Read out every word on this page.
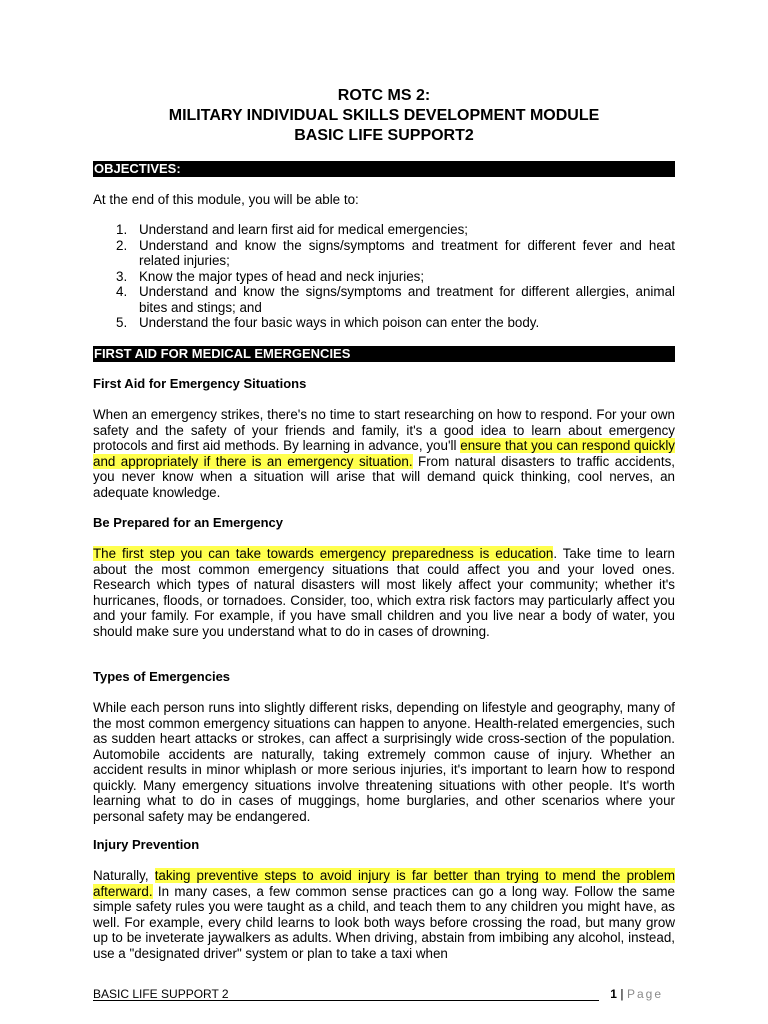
ROTC MS 2:
MILITARY INDIVIDUAL SKILLS DEVELOPMENT MODULE
BASIC LIFE SUPPORT2
OBJECTIVES:
At the end of this module, you will be able to:
1. Understand and learn first aid for medical emergencies;
2. Understand and know the signs/symptoms and treatment for different fever and heat related injuries;
3. Know the major types of head and neck injuries;
4. Understand and know the signs/symptoms and treatment for different allergies, animal bites and stings; and
5. Understand the four basic ways in which poison can enter the body.
FIRST AID FOR MEDICAL EMERGENCIES
First Aid for Emergency Situations
When an emergency strikes, there's no time to start researching on how to respond. For your own safety and the safety of your friends and family, it's a good idea to learn about emergency protocols and first aid methods. By learning in advance, you'll ensure that you can respond quickly and appropriately if there is an emergency situation. From natural disasters to traffic accidents, you never know when a situation will arise that will demand quick thinking, cool nerves, an adequate knowledge.
Be Prepared for an Emergency
The first step you can take towards emergency preparedness is education. Take time to learn about the most common emergency situations that could affect you and your loved ones. Research which types of natural disasters will most likely affect your community; whether it's hurricanes, floods, or tornadoes. Consider, too, which extra risk factors may particularly affect you and your family. For example, if you have small children and you live near a body of water, you should make sure you understand what to do in cases of drowning.
Types of Emergencies
While each person runs into slightly different risks, depending on lifestyle and geography, many of the most common emergency situations can happen to anyone. Health-related emergencies, such as sudden heart attacks or strokes, can affect a surprisingly wide cross-section of the population. Automobile accidents are naturally, taking extremely common cause of injury. Whether an accident results in minor whiplash or more serious injuries, it's important to learn how to respond quickly. Many emergency situations involve threatening situations with other people. It's worth learning what to do in cases of muggings, home burglaries, and other scenarios where your personal safety may be endangered.
Injury Prevention
Naturally, taking preventive steps to avoid injury is far better than trying to mend the problem afterward. In many cases, a few common sense practices can go a long way. Follow the same simple safety rules you were taught as a child, and teach them to any children you might have, as well. For example, every child learns to look both ways before crossing the road, but many grow up to be inveterate jaywalkers as adults. When driving, abstain from imbibing any alcohol, instead, use a "designated driver" system or plan to take a taxi when
BASIC LIFE SUPPORT 2	1 | Page
